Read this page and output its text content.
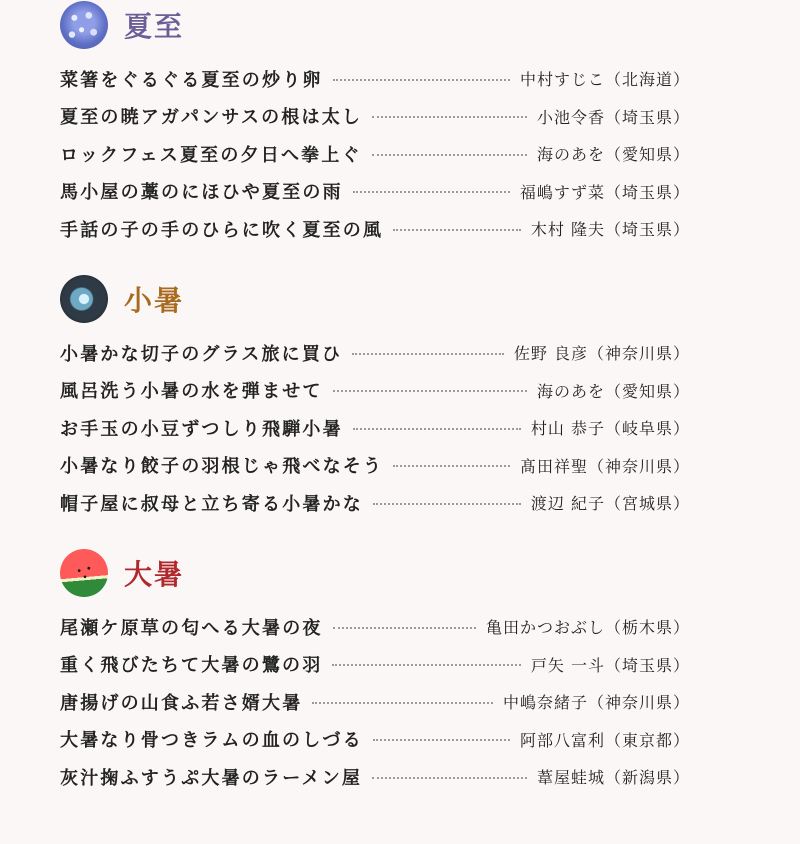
夏至
菜箸をぐるぐる夏至の炒り卵	中村すじこ（北海道）
夏至の暁アガパンサスの根は太し	小池令香（埼玉県）
ロックフェス夏至の夕日へ拳上ぐ	海のあを（愛知県）
馬小屋の藁のにほひや夏至の雨	福嶋すず菜（埼玉県）
手話の子の手のひらに吹く夏至の風	木村 隆夫（埼玉県）
小暑
小暑かな切子のグラス旅に買ひ	佐野 良彦（神奈川県）
風呂洗う小暑の水を弾ませて	海のあを（愛知県）
お手玉の小豆ずつしり飛騨小暑	村山 恭子（岐阜県）
小暑なり餃子の羽根じゃ飛べなそう	髙田祥聖（神奈川県）
帽子屋に叔母と立ち寄る小暑かな	渡辺 紀子（宮城県）
大暑
尾瀬ケ原草の匂へる大暑の夜	亀田かつおぶし（栃木県）
重く飛びたちて大暑の鷺の羽	戸矢 一斗（埼玉県）
唐揚げの山食ふ若さ婿大暑	中嶋奈緒子（神奈川県）
大暑なり骨つきラムの血のしづる	阿部八富利（東京都）
灰汁掬ふすうぷ大暑のラーメン屋	葦屋蛙城（新潟県）
